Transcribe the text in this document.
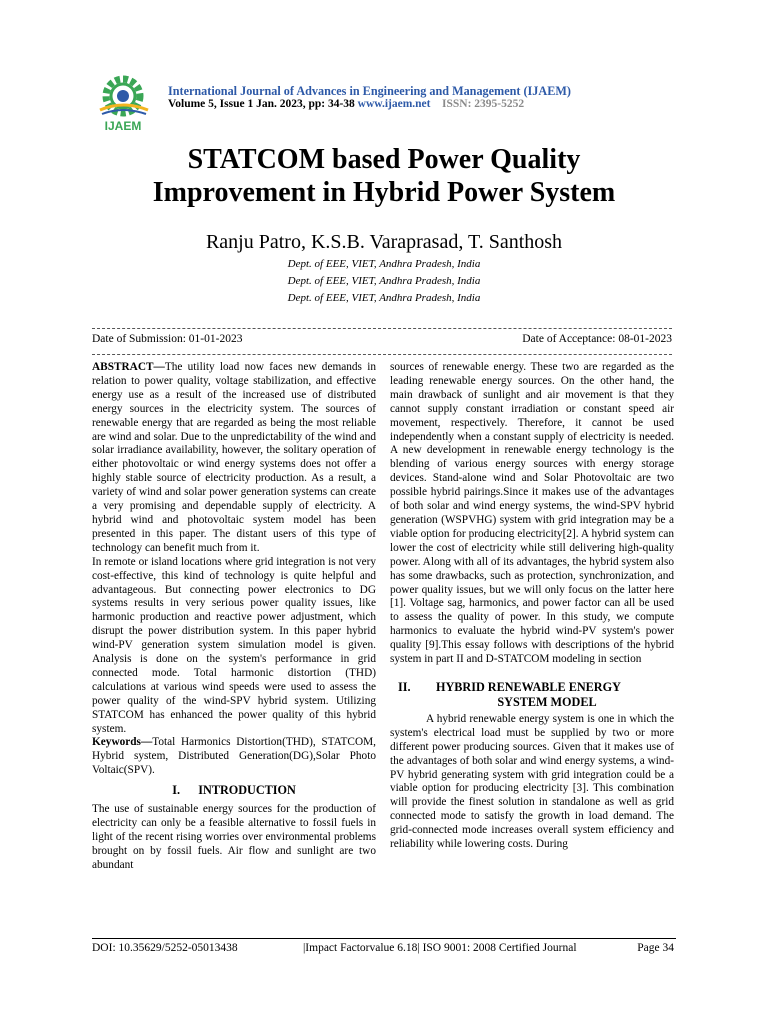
IJAEM
International Journal of Advances in Engineering and Management (IJAEM)
Volume 5, Issue 1 Jan. 2023, pp: 34-38 www.ijaem.net ISSN: 2395-5252
STATCOM based Power Quality
Improvement in Hybrid Power System
Ranju Patro, K.S.B. Varaprasad, T. Santhosh
Dept. of EEE, VIET, Andhra Pradesh, India
Dept. of EEE, VIET, Andhra Pradesh, India
Dept. of EEE, VIET, Andhra Pradesh, India
Date of Submission: 01-01-2023	Date of Acceptance: 08-01-2023

ABSTRACT—The utility load now faces new demands in relation to power quality, voltage stabilization, and effective energy use as a result of the increased use of distributed energy sources in the electricity system. The sources of renewable energy that are regarded as being the most reliable are wind and solar. Due to the unpredictability of the wind and solar irradiance availability, however, the solitary operation of either photovoltaic or wind energy systems does not offer a highly stable source of electricity production. As a result, a variety of wind and solar power generation systems can create a very promising and dependable supply of electricity. A hybrid wind and photovoltaic system model has been presented in this paper. The distant users of this type of technology can benefit much from it.

In remote or island locations where grid integration is not very cost-effective, this kind of technology is quite helpful and advantageous. But connecting power electronics to DG systems results in very serious power quality issues, like harmonic production and reactive power adjustment, which disrupt the power distribution system. In this paper hybrid wind-PV generation system simulation model is given. Analysis is done on the system's performance in grid connected mode. Total harmonic distortion (THD) calculations at various wind speeds were used to assess the power quality of the wind-SPV hybrid system. Utilizing STATCOM has enhanced the power quality of this hybrid system.

Keywords—Total Harmonics Distortion(THD), STATCOM, Hybrid system, Distributed Generation(DG),Solar Photo Voltaic(SPV).

I.      INTRODUCTION

The use of sustainable energy sources for the production of electricity can only be a feasible alternative to fossil fuels in light of the recent rising worries over environmental problems brought on by fossil fuels. Air flow and sunlight are two abundant

sources of renewable energy. These two are regarded as the leading renewable energy sources. On the other hand, the main drawback of sunlight and air movement is that they cannot supply constant irradiation or constant speed air movement, respectively. Therefore, it cannot be used independently when a constant supply of electricity is needed. A new development in renewable energy technology is the blending of various energy sources with energy storage devices. Stand-alone wind and Solar Photovoltaic are two possible hybrid pairings.Since it makes use of the advantages of both solar and wind energy systems, the wind-SPV hybrid generation (WSPVHG) system with grid integration may be a viable option for producing electricity[2]. A hybrid system can lower the cost of electricity while still delivering high-quality power. Along with all of its advantages, the hybrid system also has some drawbacks, such as protection, synchronization, and power quality issues, but we will only focus on the latter here [1]. Voltage sag, harmonics, and power factor can all be used to assess the quality of power. In this study, we compute harmonics to evaluate the hybrid wind-PV system's power quality [9].This essay follows with descriptions of the hybrid system in part II and D-STATCOM modeling in section

II. HYBRID RENEWABLE ENERGY
SYSTEM MODEL

A hybrid renewable energy system is one in which the system's electrical load must be supplied by two or more different power producing sources. Given that it makes use of the advantages of both solar and wind energy systems, a wind-PV hybrid generating system with grid integration could be a viable option for producing electricity [3]. This combination will provide the finest solution in standalone as well as grid connected mode to satisfy the growth in load demand. The grid-connected mode increases overall system efficiency and reliability while lowering costs. During

DOI: 10.35629/5252-05013438	|Impact Factorvalue 6.18| ISO 9001: 2008 Certified Journal	Page 34
